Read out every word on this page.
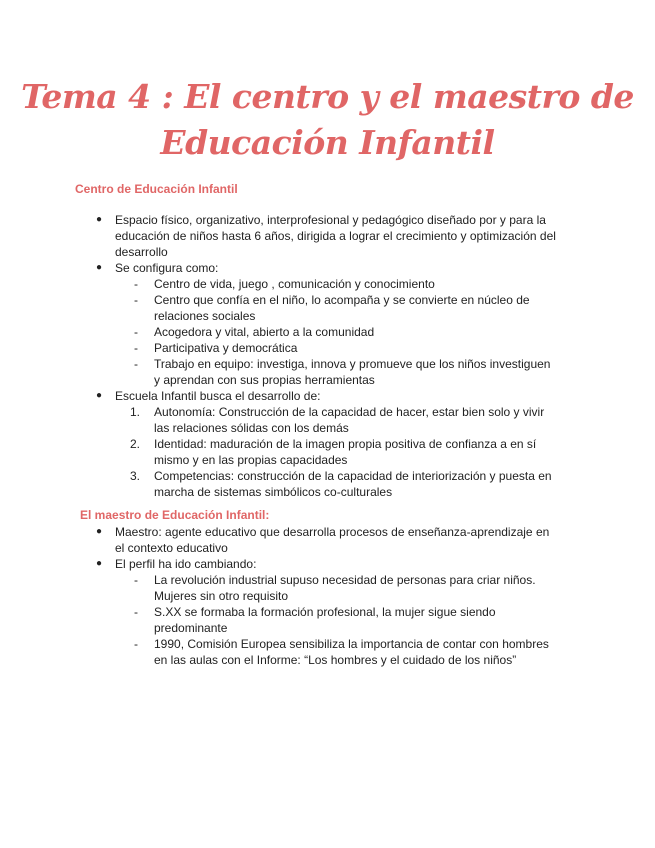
Tema 4 : El centro y el maestro de
Educación Infantil
Centro de Educación Infantil
● Espacio físico, organizativo, interprofesional y pedagógico diseñado por y para la educación de niños hasta 6 años, dirigida a lograr el crecimiento y optimización del desarrollo
● Se configura como:
- Centro de vida, juego , comunicación y conocimiento
- Centro que confía en el niño, lo acompaña y se convierte en núcleo de relaciones sociales
- Acogedora y vital, abierto a la comunidad
- Participativa y democrática
- Trabajo en equipo: investiga, innova y promueve que los niños investiguen y aprendan con sus propias herramientas
● Escuela Infantil busca el desarrollo de:
1. Autonomía: Construcción de la capacidad de hacer, estar bien solo y vivir las relaciones sólidas con los demás
2. Identidad: maduración de la imagen propia positiva de confianza a en sí mismo y en las propias capacidades
3. Competencias: construcción de la capacidad de interiorización y puesta en marcha de sistemas simbólicos co-culturales
El maestro de Educación Infantil:
● Maestro: agente educativo que desarrolla procesos de enseñanza-aprendizaje en el contexto educativo
● El perfil ha ido cambiando:
- La revolución industrial supuso necesidad de personas para criar niños. Mujeres sin otro requisito
- S.XX se formaba la formación profesional, la mujer sigue siendo predominante
- 1990, Comisión Europea sensibiliza la importancia de contar con hombres en las aulas con el Informe: “Los hombres y el cuidado de los niños”
